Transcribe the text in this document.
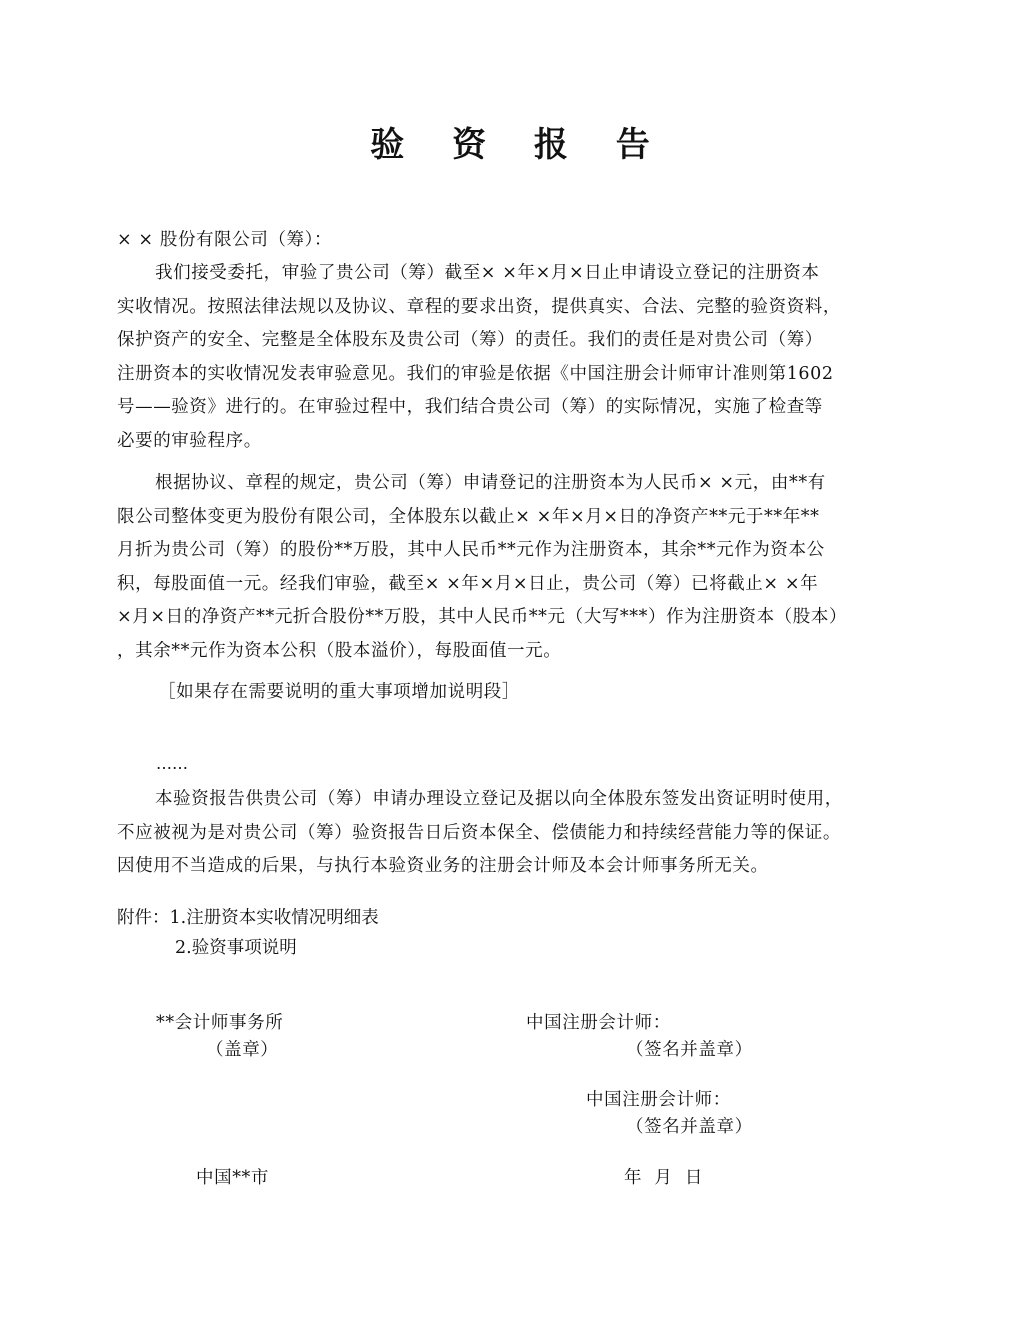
验 资 报 告
× × 股份有限公司（筹）：
我们接受委托，审验了贵公司（筹）截至× ×年×月×日止申请设立登记的注册资本
实收情况。按照法律法规以及协议、章程的要求出资，提供真实、合法、完整的验资资料，
保护资产的安全、完整是全体股东及贵公司（筹）的责任。我们的责任是对贵公司（筹）
注册资本的实收情况发表审验意见。我们的审验是依据《中国注册会计师审计准则第1602
号——验资》进行的。在审验过程中，我们结合贵公司（筹）的实际情况，实施了检查等
必要的审验程序。
根据协议、章程的规定，贵公司（筹）申请登记的注册资本为人民币× ×元，由**有
限公司整体变更为股份有限公司，全体股东以截止× ×年×月×日的净资产**元于**年**
月折为贵公司（筹）的股份**万股，其中人民币**元作为注册资本，其余**元作为资本公
积，每股面值一元。经我们审验，截至× ×年×月×日止，贵公司（筹）已将截止× ×年
×月×日的净资产**元折合股份**万股，其中人民币**元（大写***）作为注册资本（股本）
，其余**元作为资本公积（股本溢价），每股面值一元。
［如果存在需要说明的重大事项增加说明段］
……
本验资报告供贵公司（筹）申请办理设立登记及据以向全体股东签发出资证明时使用，
不应被视为是对贵公司（筹）验资报告日后资本保全、偿债能力和持续经营能力等的保证。
因使用不当造成的后果，与执行本验资业务的注册会计师及本会计师事务所无关。
附件：1.注册资本实收情况明细表
2.验资事项说明
**会计师事务所
（盖章）
中国注册会计师：
（签名并盖章）
中国注册会计师：
（签名并盖章）
中国**市	年  月  日
